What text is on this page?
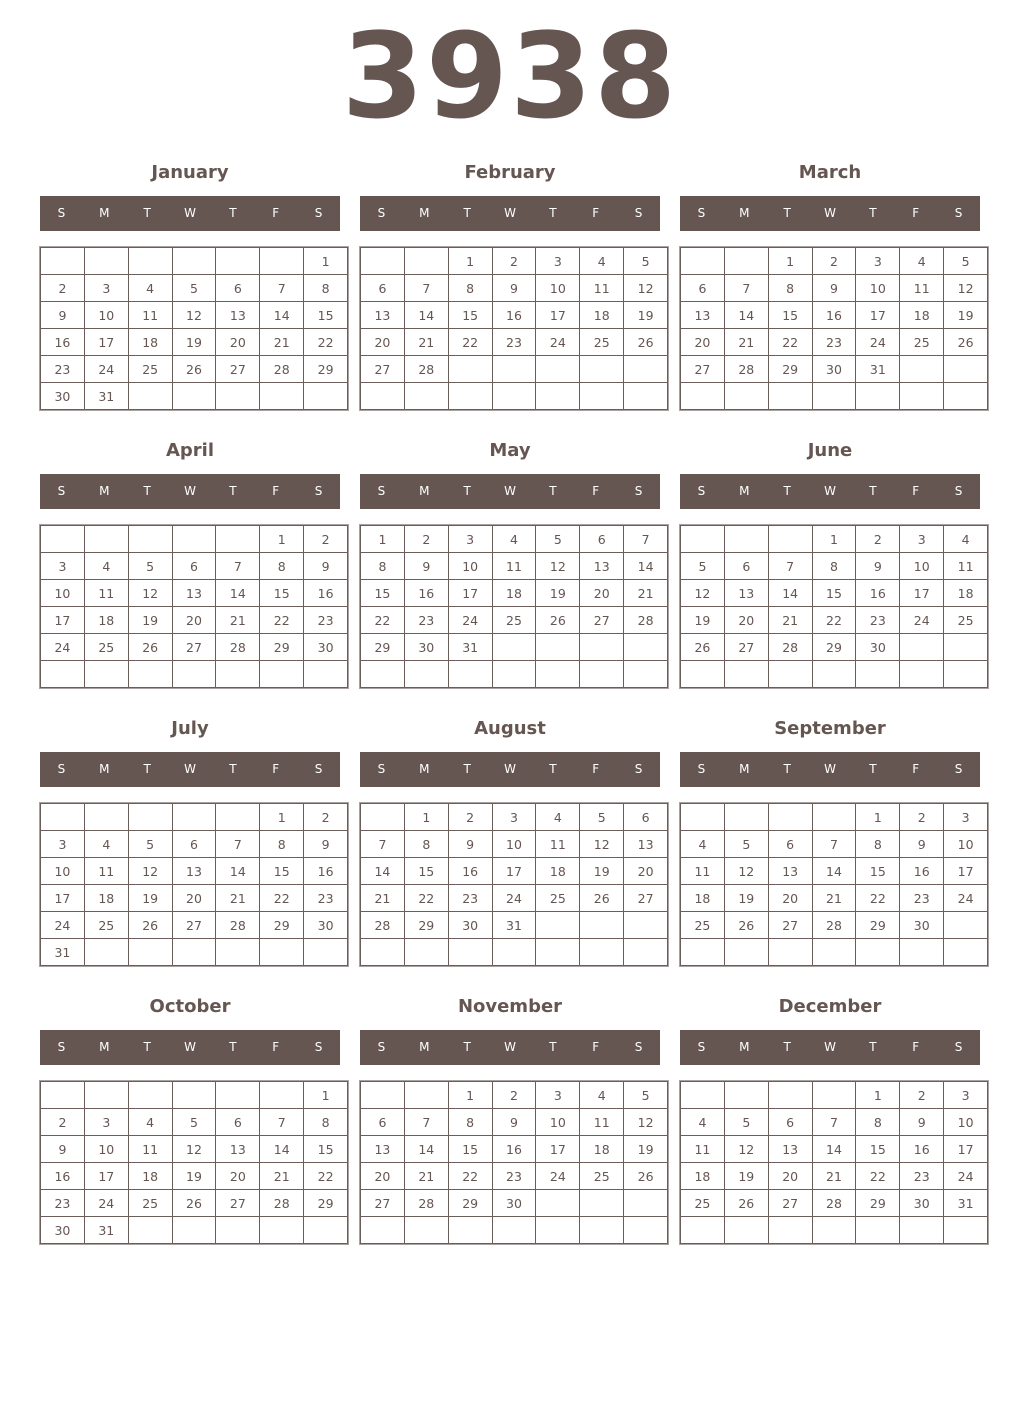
3938
January
S	M	T	W	T	F	S
						1
2	3	4	5	6	7	8
9	10	11	12	13	14	15
16	17	18	19	20	21	22
23	24	25	26	27	28	29
30	31					
February
S	M	T	W	T	F	S
		1	2	3	4	5
6	7	8	9	10	11	12
13	14	15	16	17	18	19
20	21	22	23	24	25	26
27	28					

March
S	M	T	W	T	F	S
		1	2	3	4	5
6	7	8	9	10	11	12
13	14	15	16	17	18	19
20	21	22	23	24	25	26
27	28	29	30	31		

April
S	M	T	W	T	F	S
					1	2
3	4	5	6	7	8	9
10	11	12	13	14	15	16
17	18	19	20	21	22	23
24	25	26	27	28	29	30

May
S	M	T	W	T	F	S
1	2	3	4	5	6	7
8	9	10	11	12	13	14
15	16	17	18	19	20	21
22	23	24	25	26	27	28
29	30	31				

June
S	M	T	W	T	F	S
			1	2	3	4
5	6	7	8	9	10	11
12	13	14	15	16	17	18
19	20	21	22	23	24	25
26	27	28	29	30		

July
S	M	T	W	T	F	S
					1	2
3	4	5	6	7	8	9
10	11	12	13	14	15	16
17	18	19	20	21	22	23
24	25	26	27	28	29	30
31						
August
S	M	T	W	T	F	S
	1	2	3	4	5	6
7	8	9	10	11	12	13
14	15	16	17	18	19	20
21	22	23	24	25	26	27
28	29	30	31			

September
S	M	T	W	T	F	S
				1	2	3
4	5	6	7	8	9	10
11	12	13	14	15	16	17
18	19	20	21	22	23	24
25	26	27	28	29	30	

October
S	M	T	W	T	F	S
						1
2	3	4	5	6	7	8
9	10	11	12	13	14	15
16	17	18	19	20	21	22
23	24	25	26	27	28	29
30	31					
November
S	M	T	W	T	F	S
		1	2	3	4	5
6	7	8	9	10	11	12
13	14	15	16	17	18	19
20	21	22	23	24	25	26
27	28	29	30			

December
S	M	T	W	T	F	S
				1	2	3
4	5	6	7	8	9	10
11	12	13	14	15	16	17
18	19	20	21	22	23	24
25	26	27	28	29	30	31
